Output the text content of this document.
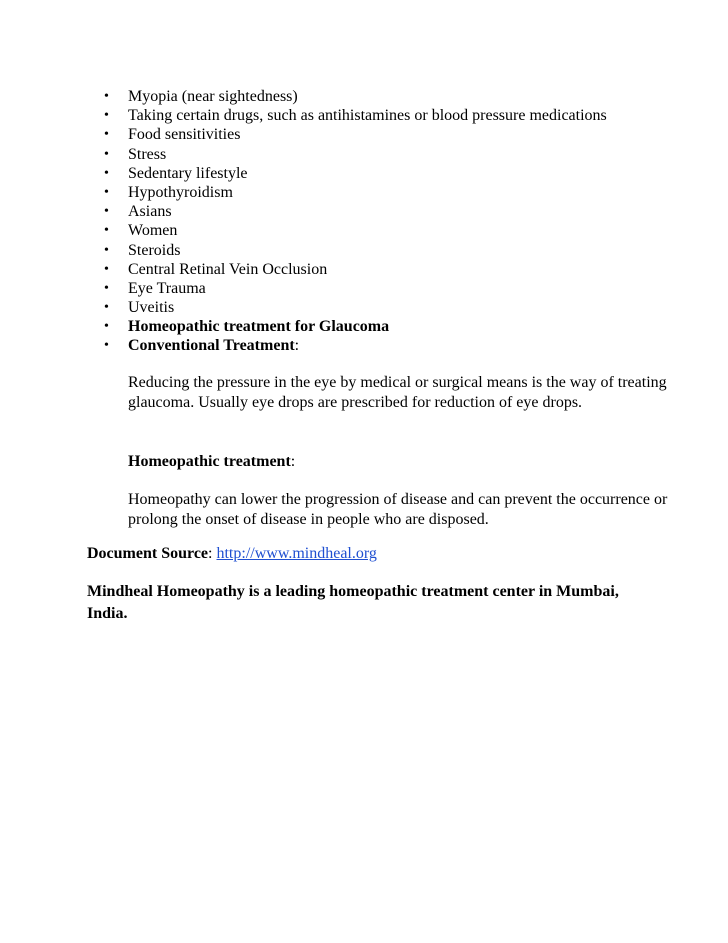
• Myopia (near sightedness)
• Taking certain drugs, such as antihistamines or blood pressure medications
• Food sensitivities
• Stress
• Sedentary lifestyle
• Hypothyroidism
• Asians
• Women
• Steroids
• Central Retinal Vein Occlusion
• Eye Trauma
• Uveitis
• Homeopathic treatment for Glaucoma
• Conventional Treatment:
Reducing the pressure in the eye by medical or surgical means is the way of treating glaucoma. Usually eye drops are prescribed for reduction of eye drops.
Homeopathic treatment:
Homeopathy can lower the progression of disease and can prevent the occurrence or prolong the onset of disease in people who are disposed.
Document Source: http://www.mindheal.org
Mindheal Homeopathy is a leading homeopathic treatment center in Mumbai, India.
